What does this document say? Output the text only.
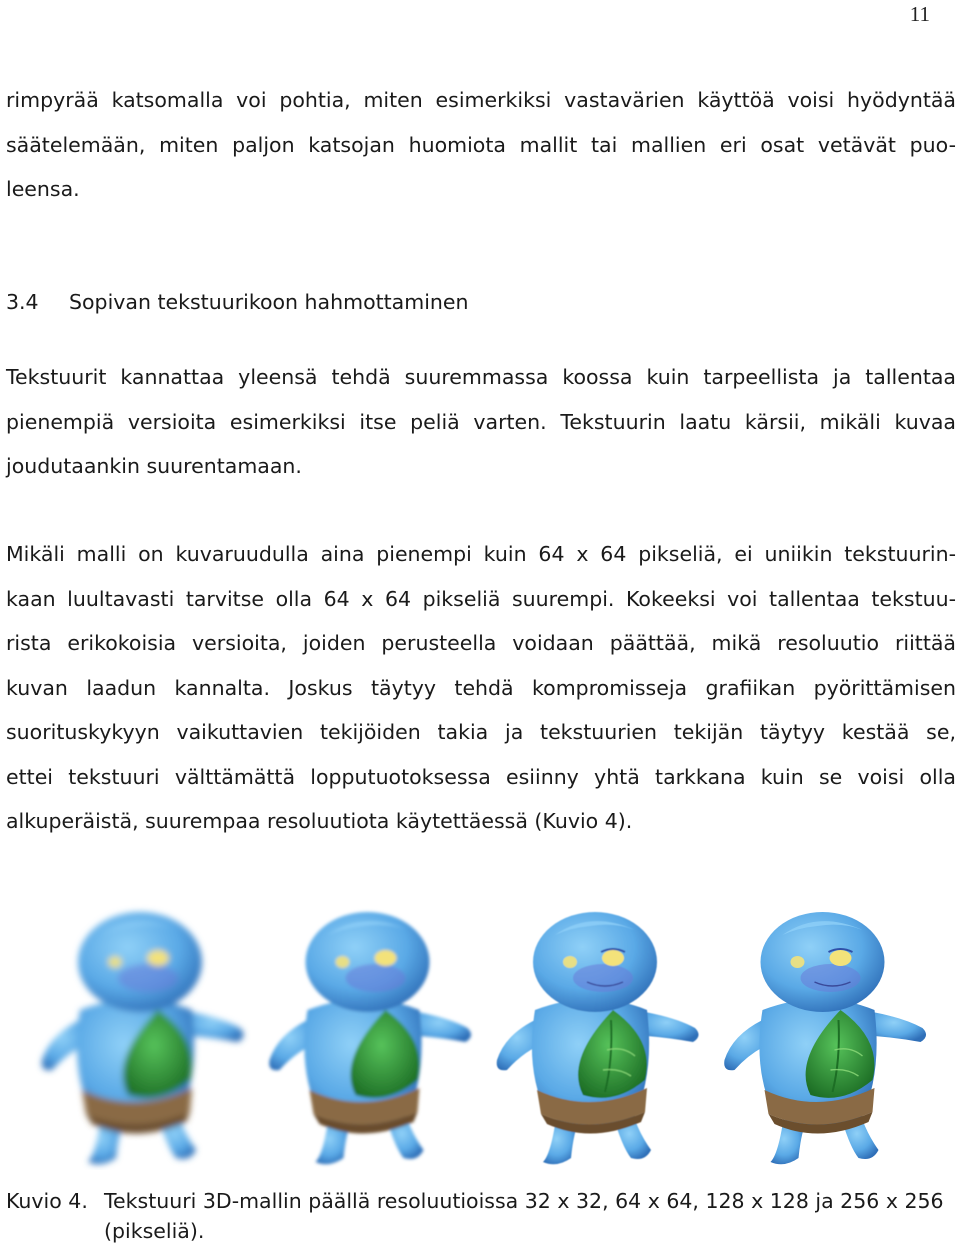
11
rimpyrää katsomalla voi pohtia, miten esimerkiksi vastavärien käyttöä voisi hyödyntää
säätelemään, miten paljon katsojan huomiota mallit tai mallien eri osat vetävät puo-
leensa.
3.4 Sopivan tekstuurikoon hahmottaminen
Tekstuurit kannattaa yleensä tehdä suuremmassa koossa kuin tarpeellista ja tallentaa
pienempiä versioita esimerkiksi itse peliä varten. Tekstuurin laatu kärsii, mikäli kuvaa
joudutaankin suurentamaan.
Mikäli malli on kuvaruudulla aina pienempi kuin 64 x 64 pikseliä, ei uniikin tekstuurin-
kaan luultavasti tarvitse olla 64 x 64 pikseliä suurempi. Kokeeksi voi tallentaa tekstuu-
rista erikokoisia versioita, joiden perusteella voidaan päättää, mikä resoluutio riittää
kuvan laadun kannalta. Joskus täytyy tehdä kompromisseja grafiikan pyörittämisen
suorituskykyyn vaikuttavien tekijöiden takia ja tekstuurien tekijän täytyy kestää se,
ettei tekstuuri välttämättä lopputuotoksessa esiinny yhtä tarkkana kuin se voisi olla
alkuperäistä, suurempaa resoluutiota käytettäessä (Kuvio 4).
Kuvio 4. Tekstuuri 3D-mallin päällä resoluutioissa 32 x 32, 64 x 64, 128 x 128 ja 256 x 256 (pikseliä).
